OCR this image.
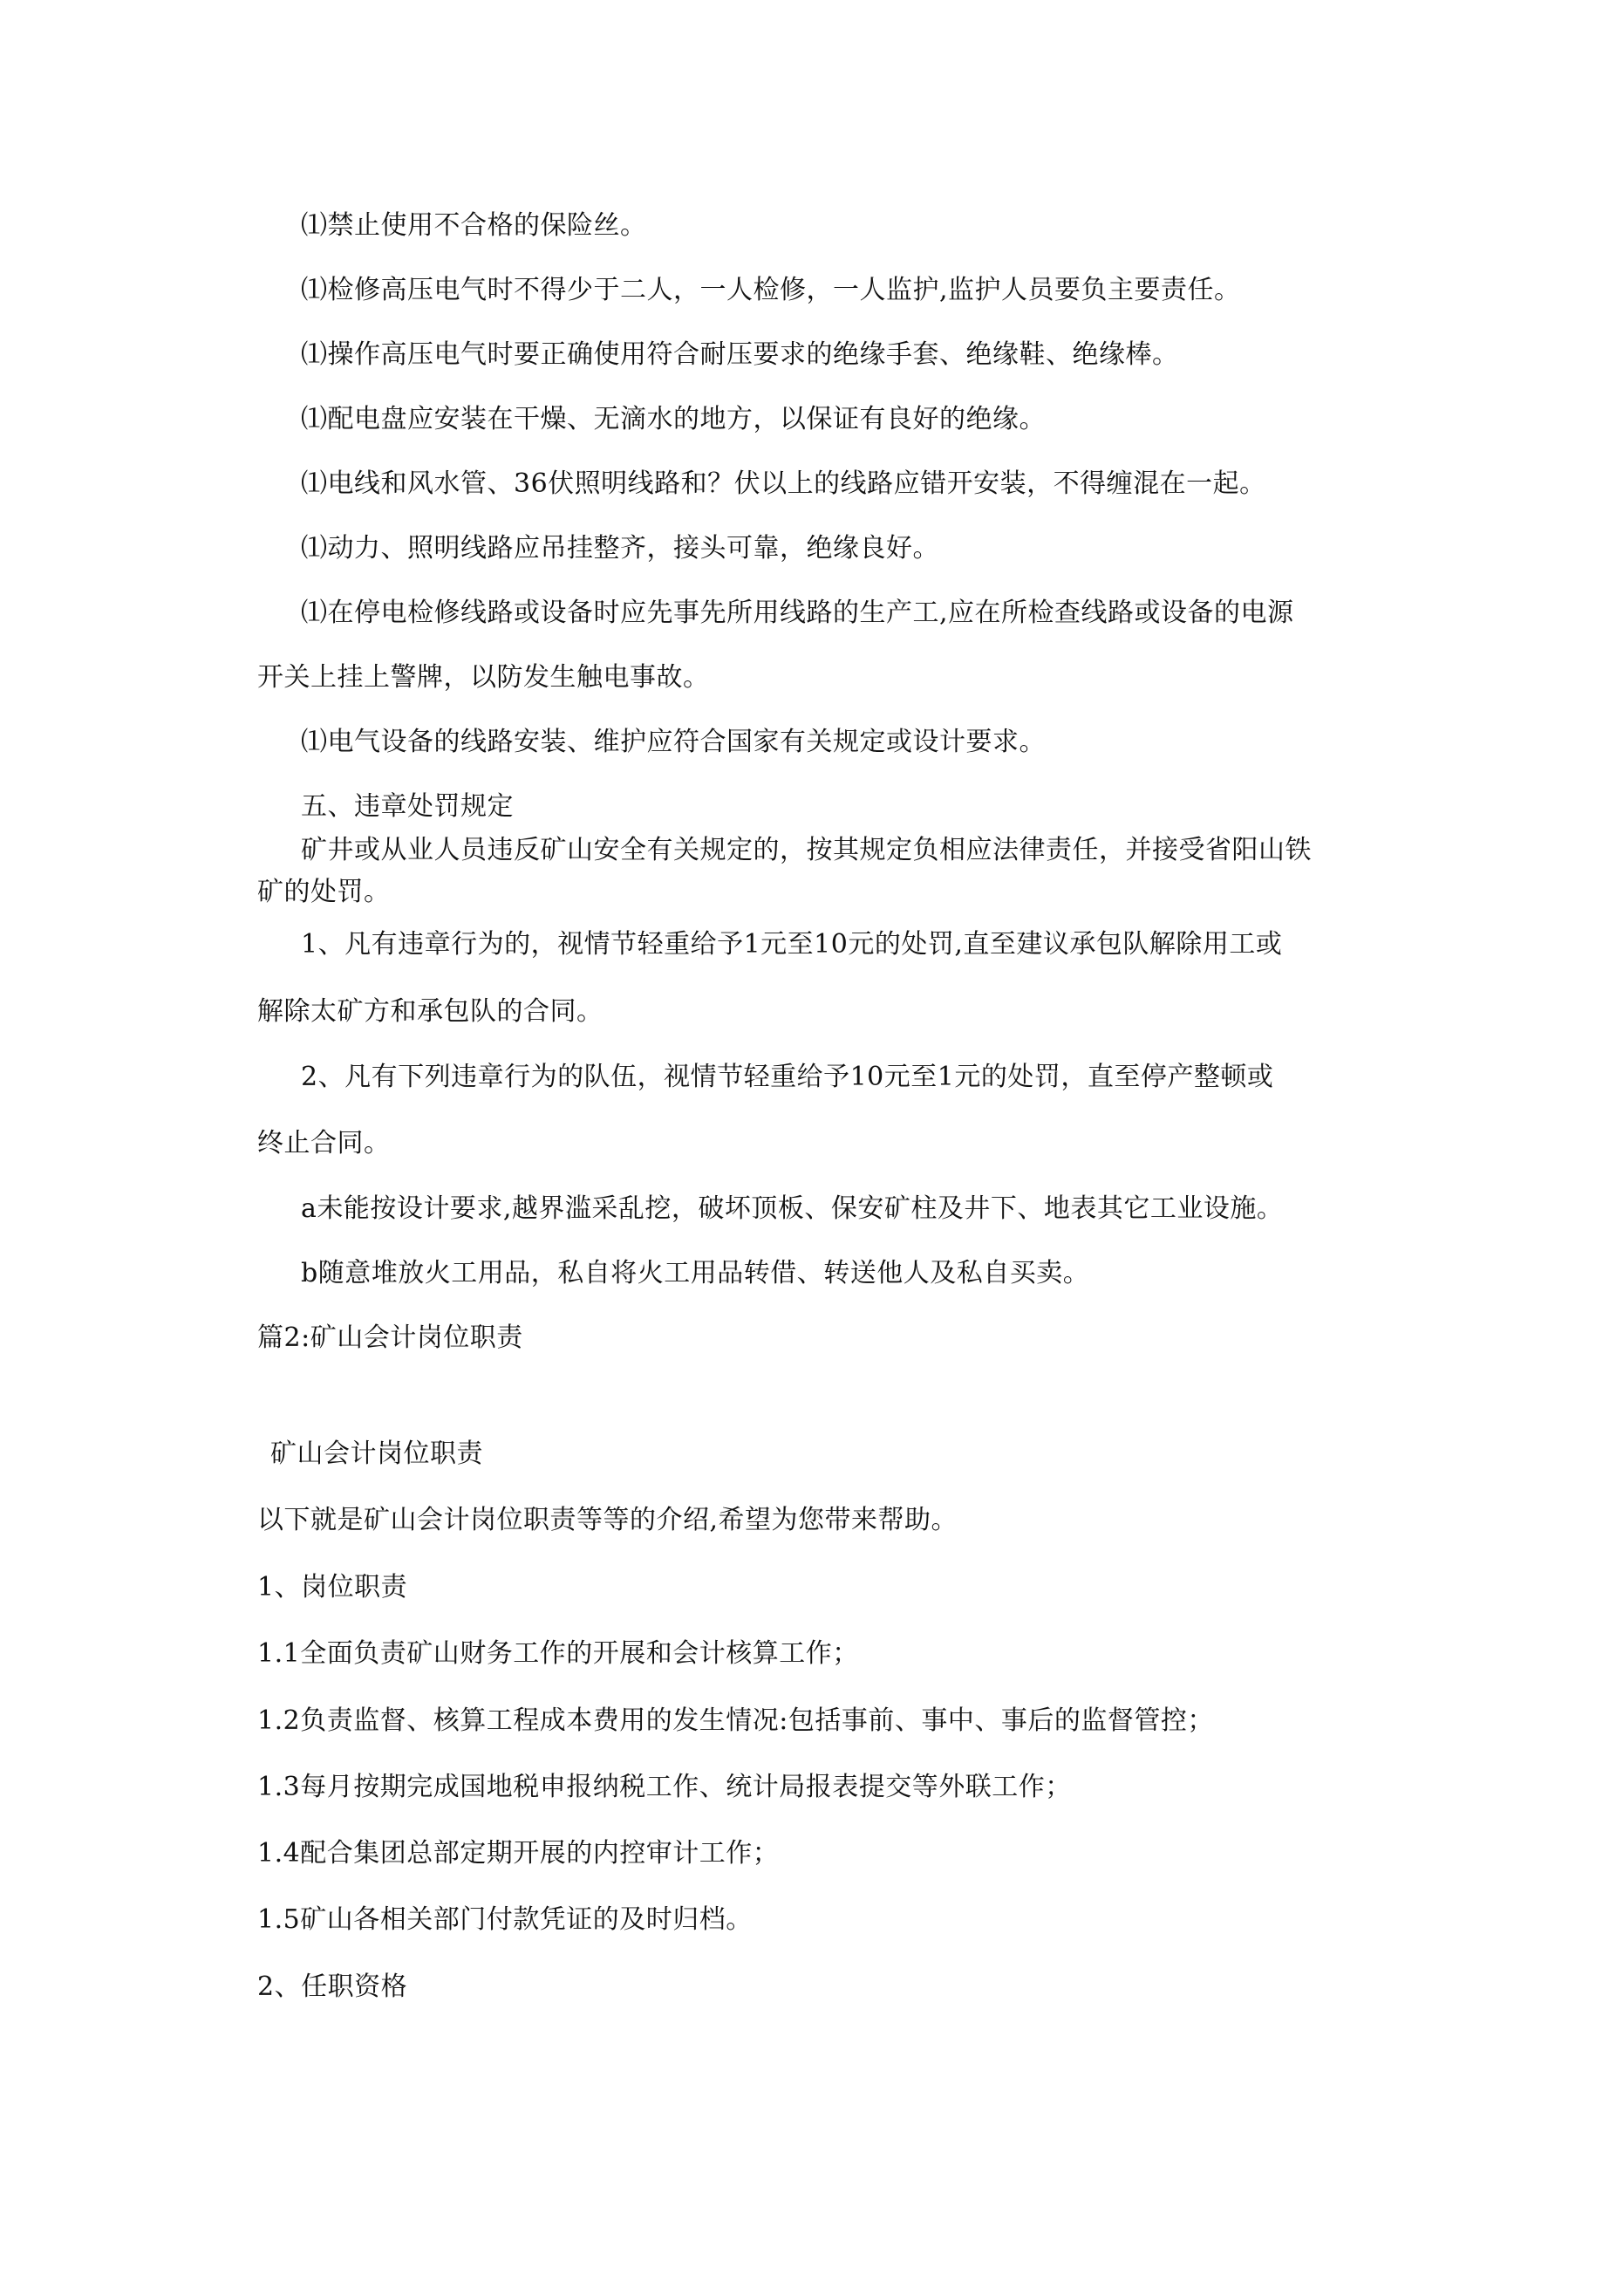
⑴禁止使用不合格的保险丝。
⑴检修高压电气时不得少于二人，一人检修，一人监护,监护人员要负主要责任。
⑴操作高压电气时要正确使用符合耐压要求的绝缘手套、绝缘鞋、绝缘棒。
⑴配电盘应安装在干燥、无滴水的地方，以保证有良好的绝缘。
⑴电线和风水管、36伏照明线路和？伏以上的线路应错开安装，不得缠混在一起。
⑴动力、照明线路应吊挂整齐，接头可靠，绝缘良好。
⑴在停电检修线路或设备时应先事先所用线路的生产工,应在所检查线路或设备的电源
开关上挂上警牌，以防发生触电事故。
⑴电气设备的线路安装、维护应符合国家有关规定或设计要求。
五、违章处罚规定
矿井或从业人员违反矿山安全有关规定的，按其规定负相应法律责任，并接受省阳山铁
矿的处罚。
1、凡有违章行为的，视情节轻重给予1元至10元的处罚,直至建议承包队解除用工或
解除太矿方和承包队的合同。
2、凡有下列违章行为的队伍，视情节轻重给予10元至1元的处罚，直至停产整顿或
终止合同。
a未能按设计要求,越界滥采乱挖，破坏顶板、保安矿柱及井下、地表其它工业设施。
b随意堆放火工用品，私自将火工用品转借、转送他人及私自买卖。
篇2:矿山会计岗位职责
矿山会计岗位职责
以下就是矿山会计岗位职责等等的介绍,希望为您带来帮助。
1、岗位职责
1.1全面负责矿山财务工作的开展和会计核算工作；
1.2负责监督、核算工程成本费用的发生情况:包括事前、事中、事后的监督管控；
1.3每月按期完成国地税申报纳税工作、统计局报表提交等外联工作；
1.4配合集团总部定期开展的内控审计工作；
1.5矿山各相关部门付款凭证的及时归档。
2、任职资格
